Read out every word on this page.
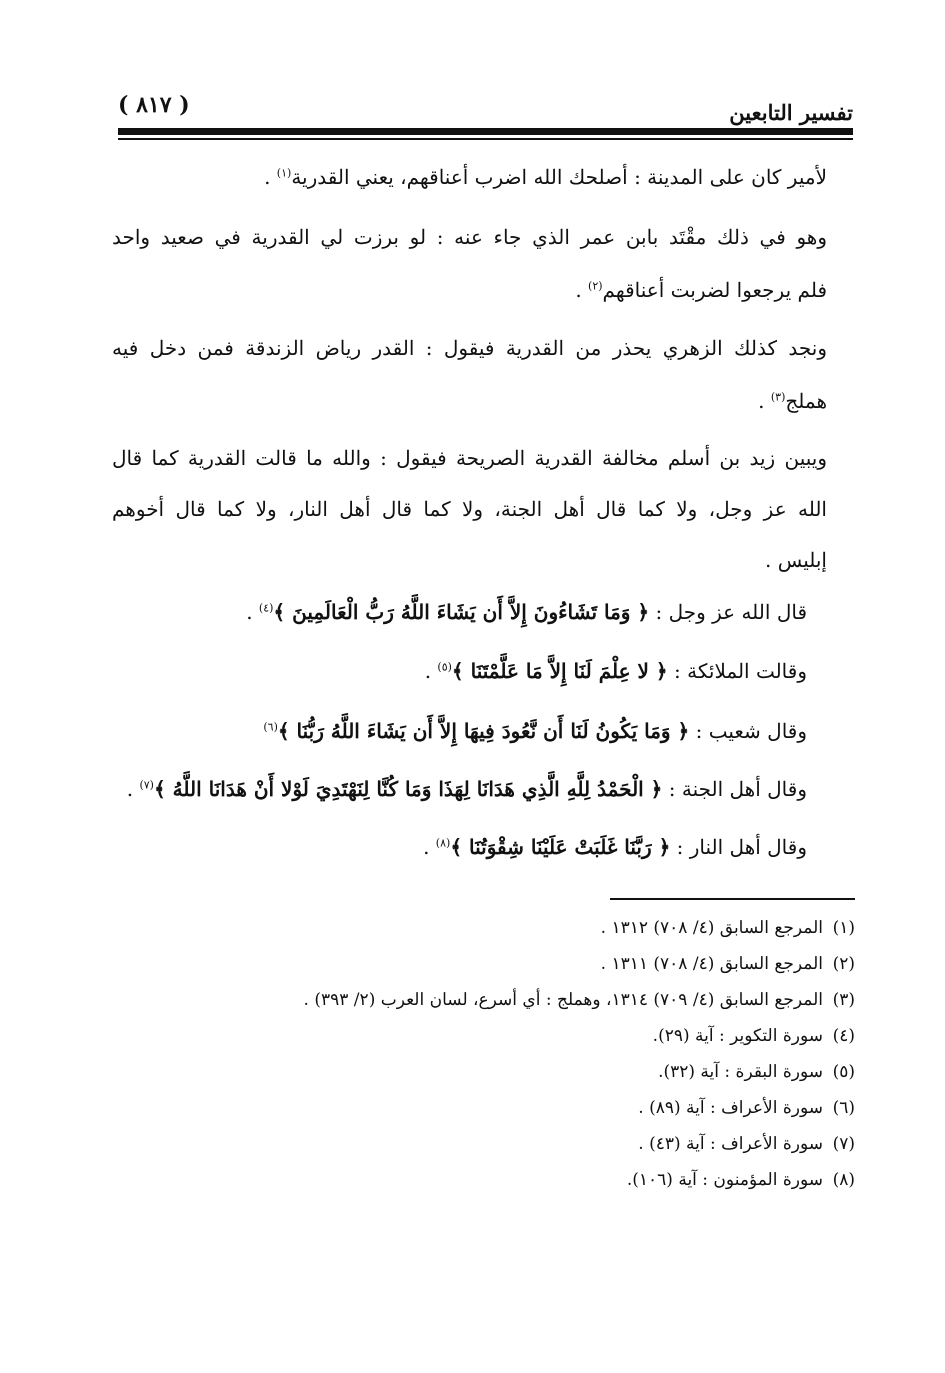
تفسير التابعين
( ٨١٧ )
لأمير كان على المدينة : أصلحك الله اضرب أعناقهم، يعني القدرية$^{(١)}$ .
وهو في ذلك مقْتَد بابن عمر الذي جاء عنه : لو برزت لي القدرية في صعيد واحد
فلم يرجعوا لضربت أعناقهم$^{(٢)}$ .
ونجد كذلك الزهري يحذر من القدرية فيقول : القدر رياض الزندقة فمن دخل فيه
هملج$^{(٣)}$ .
ويبين زيد بن أسلم مخالفة القدرية الصريحة فيقول : والله ما قالت القدرية كما قال
الله عز وجل، ولا كما قال أهل الجنة، ولا كما قال أهل النار، ولا كما قال أخوهم
إبليس .
قال الله عز وجل : ﴿ وَمَا تَشَاءُونَ إِلاَّ أَن يَشَاءَ اللَّهُ رَبُّ الْعَالَمِينَ ﴾$^{(٤)}$ .
وقالت الملائكة : ﴿ لا عِلْمَ لَنَا إِلاَّ مَا عَلَّمْتَنَا ﴾$^{(٥)}$ .
وقال شعيب : ﴿ وَمَا يَكُونُ لَنَا أَن نَّعُودَ فِيهَا إِلاَّ أَن يَشَاءَ اللَّهُ رَبُّنَا ﴾$^{(٦)}$
وقال أهل الجنة : ﴿ الْحَمْدُ لِلَّهِ الَّذِي هَدَانَا لِهَذَا وَمَا كُنَّا لِنَهْتَدِيَ لَوْلا أَنْ هَدَانَا اللَّهُ ﴾$^{(٧)}$ .
وقال أهل النار : ﴿ رَبَّنَا غَلَبَتْ عَلَيْنَا شِقْوَتُنَا ﴾$^{(٨)}$ .
(١)المرجع السابق (٤/ ٧٠٨) ١٣١٢ .
(٢)المرجع السابق (٤/ ٧٠٨) ١٣١١ .
(٣)المرجع السابق (٤/ ٧٠٩) ١٣١٤، وهملج : أي أسرع، لسان العرب (٢/ ٣٩٣) .
(٤)سورة التكوير : آية (٢٩).
(٥)سورة البقرة : آية (٣٢).
(٦)سورة الأعراف : آية (٨٩) .
(٧)سورة الأعراف : آية (٤٣) .
(٨)سورة المؤمنون : آية (١٠٦).
